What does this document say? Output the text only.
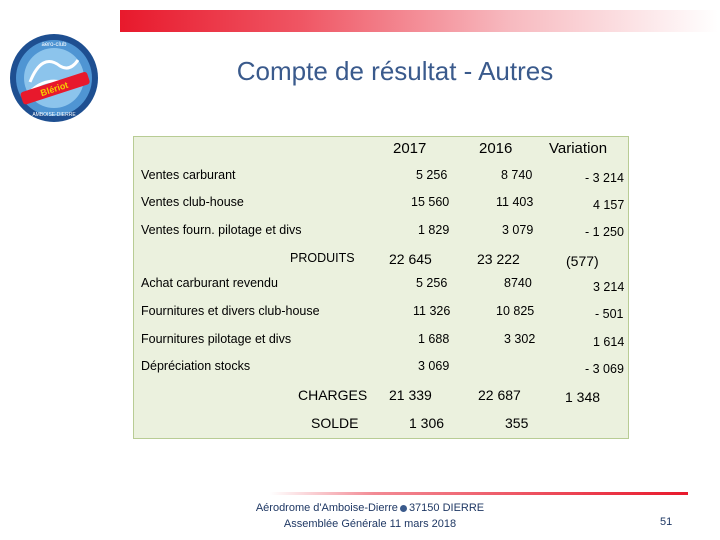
Blériot
aero-club
AMBOISE-DIERRE
Compte de résultat - Autres
2017	2016 Variation
Ventes carburant
Ventes club-house
Ventes fourn. pilotage et divs
PRODUITS
Achat carburant revendu
Fournitures et divers club-house
Fournitures pilotage et divs
Dépréciation stocks
CHARGES
SOLDE
5 256
15 560
1 829
22 645
5 256
11 326
1 688
3 069
21 339
1 306
8 740
11 403
3 079
23 222
8740
10 825
3 302
22 687
355
- 3 214
4 157
- 1 250
(577)
3 214
- 501
1 614
- 3 069
1 348
Aérodrome d'Amboise-Dierre 37150 DIERRE
Assemblée Générale 11 mars 2018	51
